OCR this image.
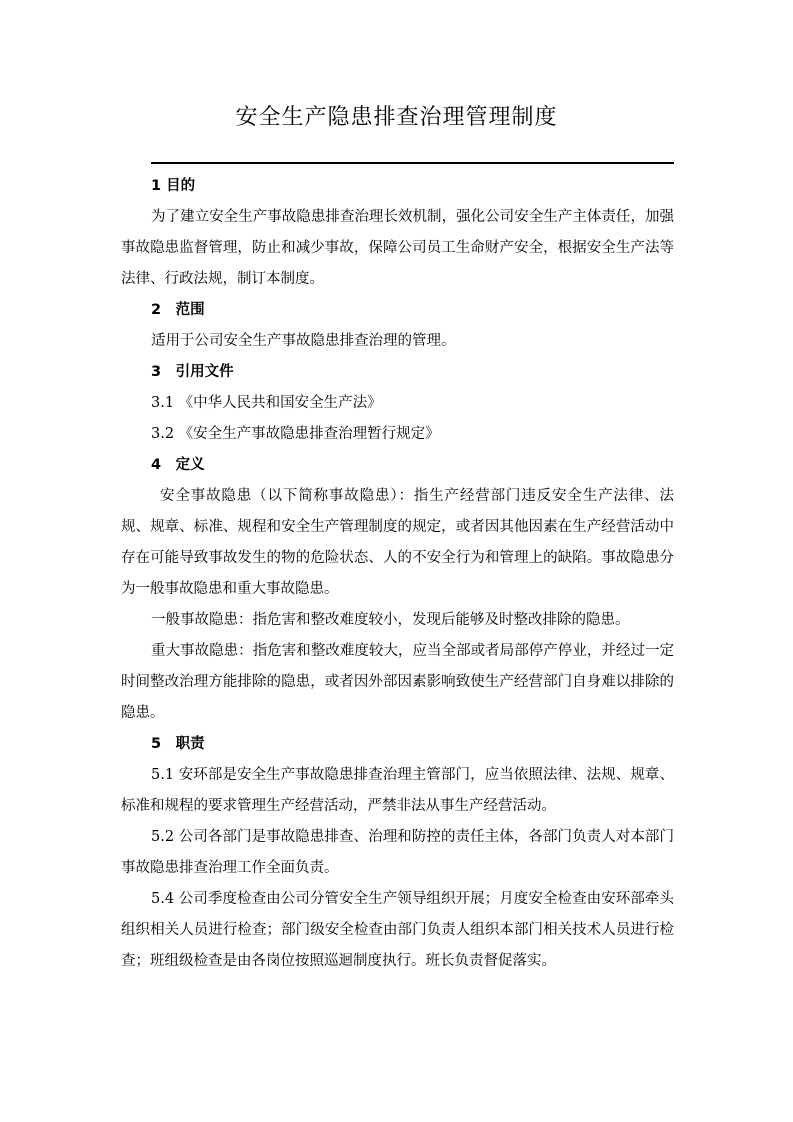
安全生产隐患排查治理管理制度

1 目的

为了建立安全生产事故隐患排查治理长效机制，强化公司安全生产主体责任，加强事故隐患监督管理，防止和减少事故，保障公司员工生命财产安全，根据安全生产法等法律、行政法规，制订本制度。

2　范围

适用于公司安全生产事故隐患排查治理的管理。

3　引用文件

3.1 《中华人民共和国安全生产法》

3.2 《安全生产事故隐患排查治理暂行规定》

4　定义

安全事故隐患（以下简称事故隐患）：指生产经营部门违反安全生产法律、法规、规章、标准、规程和安全生产管理制度的规定，或者因其他因素在生产经营活动中存在可能导致事故发生的物的危险状态、人的不安全行为和管理上的缺陷。事故隐患分为一般事故隐患和重大事故隐患。

一般事故隐患：指危害和整改难度较小，发现后能够及时整改排除的隐患。

重大事故隐患：指危害和整改难度较大，应当全部或者局部停产停业，并经过一定时间整改治理方能排除的隐患，或者因外部因素影响致使生产经营部门自身难以排除的隐患。

5　职责

5.1 安环部是安全生产事故隐患排查治理主管部门，应当依照法律、法规、规章、标准和规程的要求管理生产经营活动，严禁非法从事生产经营活动。

5.2 公司各部门是事故隐患排查、治理和防控的责任主体，各部门负责人对本部门事故隐患排查治理工作全面负责。

5.4 公司季度检查由公司分管安全生产领导组织开展；月度安全检查由安环部牵头组织相关人员进行检查；部门级安全检查由部门负责人组织本部门相关技术人员进行检查；班组级检查是由各岗位按照巡迴制度执行。班长负责督促落实。
